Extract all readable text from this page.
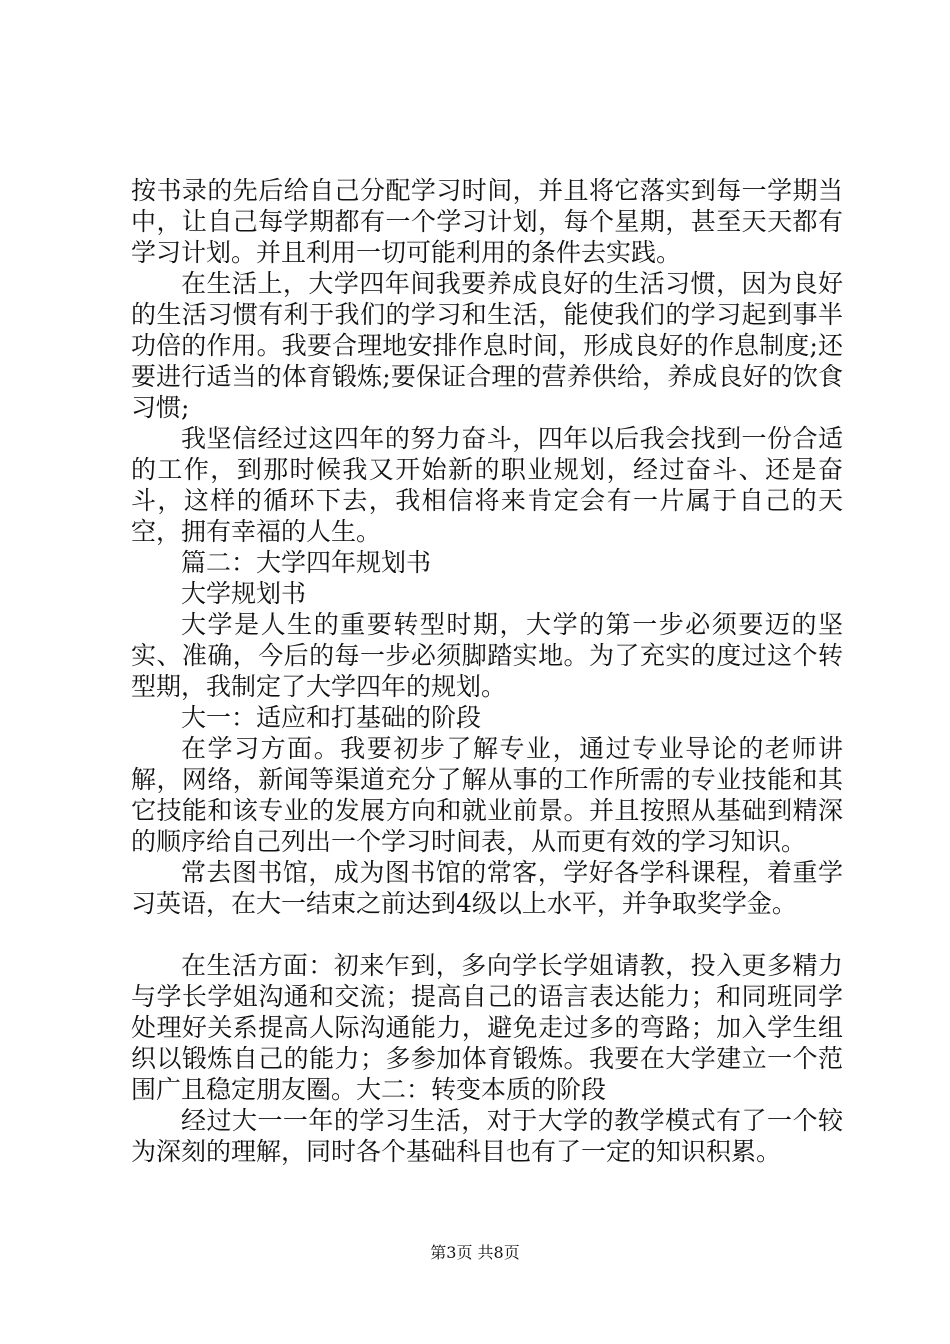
按书录的先后给自己分配学习时间，并且将它落实到每一学期当中，让自己每学期都有一个学习计划，每个星期，甚至天天都有学习计划。并且利用一切可能利用的条件去实践。

在生活上，大学四年间我要养成良好的生活习惯，因为良好的生活习惯有利于我们的学习和生活，能使我们的学习起到事半功倍的作用。我要合理地安排作息时间，形成良好的作息制度;还要进行适当的体育锻炼;要保证合理的营养供给，养成良好的饮食习惯;

我坚信经过这四年的努力奋斗，四年以后我会找到一份合适的工作，到那时候我又开始新的职业规划，经过奋斗、还是奋斗，这样的循环下去，我相信将来肯定会有一片属于自己的天空，拥有幸福的人生。

篇二：大学四年规划书

大学规划书

大学是人生的重要转型时期，大学的第一步必须要迈的坚实、准确，今后的每一步必须脚踏实地。为了充实的度过这个转型期，我制定了大学四年的规划。

大一：适应和打基础的阶段

在学习方面。我要初步了解专业，通过专业导论的老师讲解，网络，新闻等渠道充分了解从事的工作所需的专业技能和其它技能和该专业的发展方向和就业前景。并且按照从基础到精深的顺序给自己列出一个学习时间表，从而更有效的学习知识。

常去图书馆，成为图书馆的常客，学好各学科课程，着重学习英语，在大一结束之前达到4级以上水平，并争取奖学金。

在生活方面：初来乍到，多向学长学姐请教，投入更多精力与学长学姐沟通和交流；提高自己的语言表达能力；和同班同学处理好关系提高人际沟通能力，避免走过多的弯路；加入学生组织以锻炼自己的能力；多参加体育锻炼。我要在大学建立一个范围广且稳定朋友圈。大二：转变本质的阶段

经过大一一年的学习生活，对于大学的教学模式有了一个较为深刻的理解，同时各个基础科目也有了一定的知识积累。

第3页 共8页
